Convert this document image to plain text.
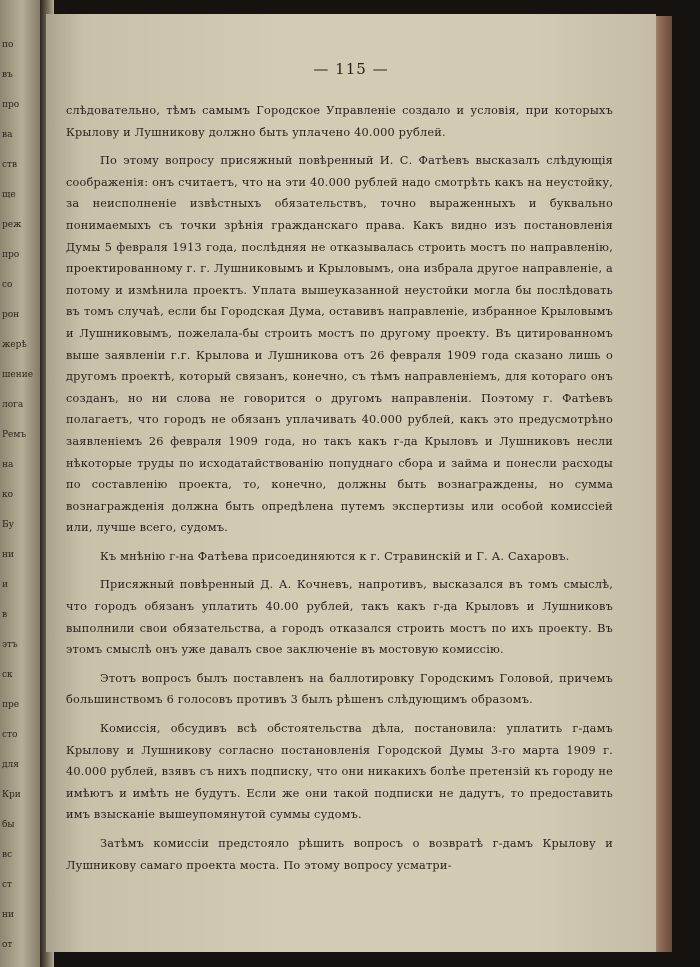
по
въ
про
ва
ств
ще
реж
про
со
рон
жерѣ
шение
лога
Ремъ
на
ко
Бу
ни
и
в
этъ
ск
пре
сто
для
Кри
бы
вс
ст
ни
от
— 115 —

слѣдовательно, тѣмъ самымъ Городское Управленiе создало и условiя, при которыхъ Крылову и Лушникову должно быть уплачено 40.000 рублей.

По этому вопросу присяжный повѣренный И. С. Фатѣевъ высказалъ слѣдующiя соображенiя: онъ считаетъ, что на эти 40.000 рублей надо смотрѣть какъ на неустойку, за неисполненiе извѣстныхъ обязательствъ, точно выраженныхъ и буквально понимаемыхъ съ точки зрѣнiя гражданскаго права. Какъ видно изъ постановленiя Думы 5 февраля 1913 года, послѣдняя не отказывалась строить мостъ по направленiю, проектированному г. г. Лушниковымъ и Крыловымъ, она избрала другое направленiе, а потому и измѣнила проектъ. Уплата вышеуказанной неустойки могла бы послѣдовать въ томъ случаѣ, если бы Городская Дума, оставивъ направленiе, избранное Крыловымъ и Лушниковымъ, пожелала-бы строить мостъ по другому проекту. Въ цитированномъ выше заявленiи г.г. Крылова и Лушникова отъ 26 февраля 1909 года сказано лишь о другомъ проектѣ, который связанъ, конечно, съ тѣмъ направленiемъ, для котораго онъ созданъ, но ни слова не говорится о другомъ направленiи. Поэтому г. Фатѣевъ полагаетъ, что городъ не обязанъ уплачивать 40.000 рублей, какъ это предусмотрѣно заявленiемъ 26 февраля 1909 года, но такъ какъ г-да Крыловъ и Лушниковъ несли нѣкоторые труды по исходатайствованiю попуднаго сбора и займа и понесли расходы по составленiю проекта, то, конечно, должны быть вознаграждены, но сумма вознагражденiя должна быть опредѣлена путемъ экспертизы или особой комиссiей или, лучше всего, судомъ.

Къ мнѣнiю г-на Фатѣева присоединяются к г. Стравинскiй и Г. А. Сахаровъ.

Присяжный повѣренный Д. А. Кочневъ, напротивъ, высказался въ томъ смыслѣ, что городъ обязанъ уплатить 40.00 рублей, такъ какъ г-да Крыловъ и Лушниковъ выполнили свои обязательства, а городъ отказался строить мостъ по ихъ проекту. Въ этомъ смыслѣ онъ уже давалъ свое заключенiе въ мостовую комиссiю.

Этотъ вопросъ былъ поставленъ на баллотировку Городскимъ Головой, причемъ большинствомъ 6 голосовъ противъ 3 былъ рѣшенъ слѣдующимъ образомъ.

Комиссiя, обсудивъ всѣ обстоятельства дѣла, постановила: уплатить г-дамъ Крылову и Лушникову согласно постановленiя Городской Думы 3-го марта 1909 г. 40.000 рублей, взявъ съ нихъ подписку, что они никакихъ болѣе претензiй къ городу не имѣютъ и имѣть не будутъ. Если же они такой подписки не дадутъ, то предоставить имъ взысканiе вышеупомянутой суммы судомъ.

Затѣмъ комиссiи предстояло рѣшить вопросъ о возвратѣ г-дамъ Крылову и Лушникову самаго проекта моста. По этому вопросу усматри-
